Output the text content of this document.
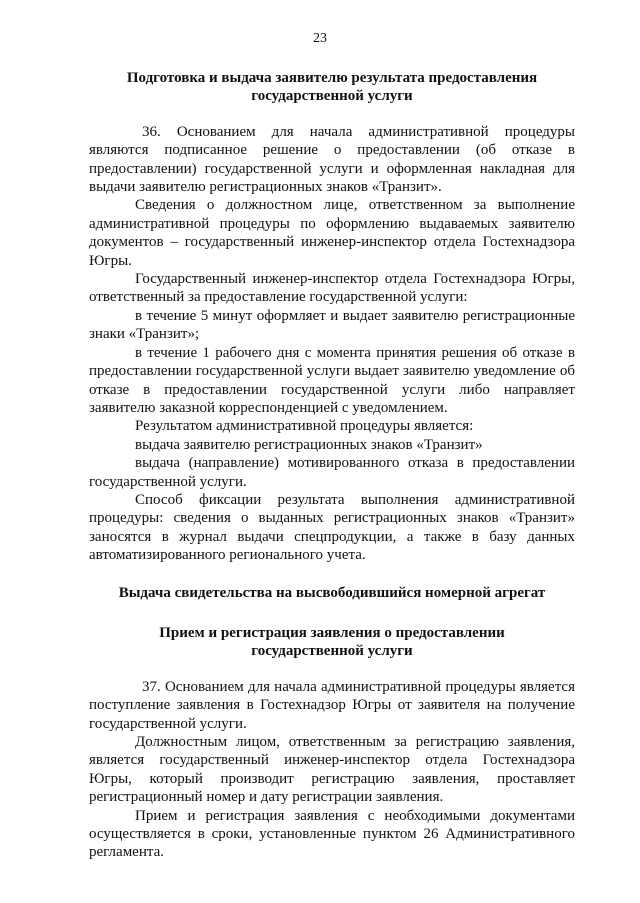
23

Подготовка и выдача заявителю результата предоставления государственной услуги

36. Основанием для начала административной процедуры являются подписанное решение о предоставлении (об отказе в предоставлении) государственной услуги и оформленная накладная для выдачи заявителю регистрационных знаков «Транзит».

Сведения о должностном лице, ответственном за выполнение административной процедуры по оформлению выдаваемых заявителю документов – государственный инженер-инспектор отдела Гостехнадзора Югры.

Государственный инженер-инспектор отдела Гостехнадзора Югры, ответственный за предоставление государственной услуги:

в течение 5 минут оформляет и выдает заявителю регистрационные знаки «Транзит»;

в течение 1 рабочего дня с момента принятия решения об отказе в предоставлении государственной услуги выдает заявителю уведомление об отказе в предоставлении государственной услуги либо направляет заявителю заказной корреспонденцией с уведомлением.

Результатом административной процедуры является:

выдача заявителю регистрационных знаков «Транзит»

выдача (направление) мотивированного отказа в предоставлении государственной услуги.

Способ фиксации результата выполнения административной процедуры: сведения о выданных регистрационных знаков «Транзит» заносятся в журнал выдачи спецпродукции, а также в базу данных автоматизированного регионального учета.

Выдача свидетельства на высвободившийся номерной агрегат

Прием и регистрация заявления о предоставлении государственной услуги

37. Основанием для начала административной процедуры является поступление заявления в Гостехнадзор Югры от заявителя на получение государственной услуги.

Должностным лицом, ответственным за регистрацию заявления, является государственный инженер-инспектор отдела Гостехнадзора Югры, который производит регистрацию заявления, проставляет регистрационный номер и дату регистрации заявления.

Прием и регистрация заявления с необходимыми документами осуществляется в сроки, установленные пунктом 26 Административного регламента.
